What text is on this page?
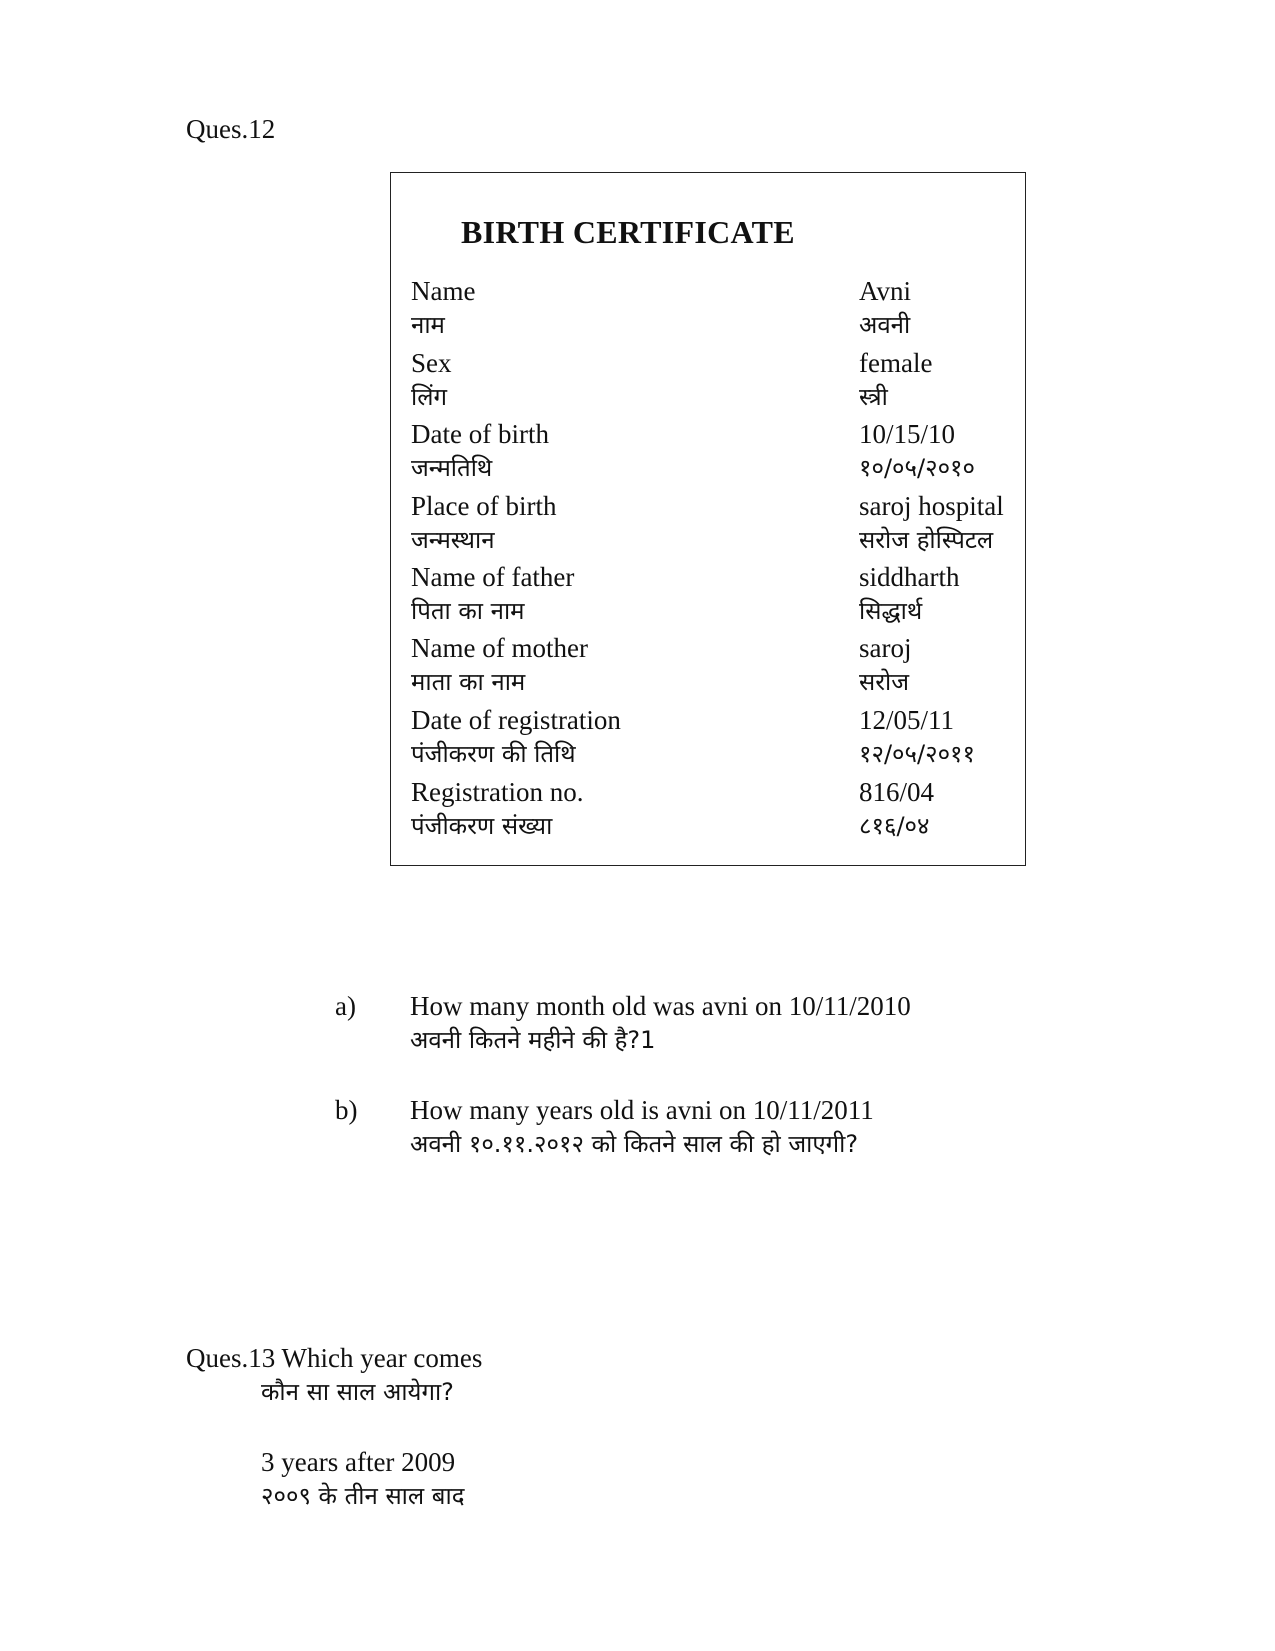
Ques.12
BIRTH CERTIFICATE
Name
नाम
Avni
अवनी
Sex
लिंग
female
स्त्री
Date of birth
जन्मतिथि
10/15/10
१०/०५/२०१०
Place of birth
जन्मस्थान
saroj hospital
सरोज होस्पिटल
Name of father
पिता का नाम
siddharth
सिद्धार्थ
Name of mother
माता का नाम
saroj
सरोज
Date of registration
पंजीकरण की तिथि
12/05/11
१२/०५/२०११
Registration no.
पंजीकरण संख्या
816/04
८१६/०४
a) How many month old was avni on 10/11/2010
अवनी कितने महीने की है?1
b) How many years old is avni on 10/11/2011
अवनी १०.११.२०१२ को कितने साल की हो जाएगी?
Ques.13 Which year comes
कौन सा साल आयेगा?
3 years after 2009
२००९ के तीन साल बाद
